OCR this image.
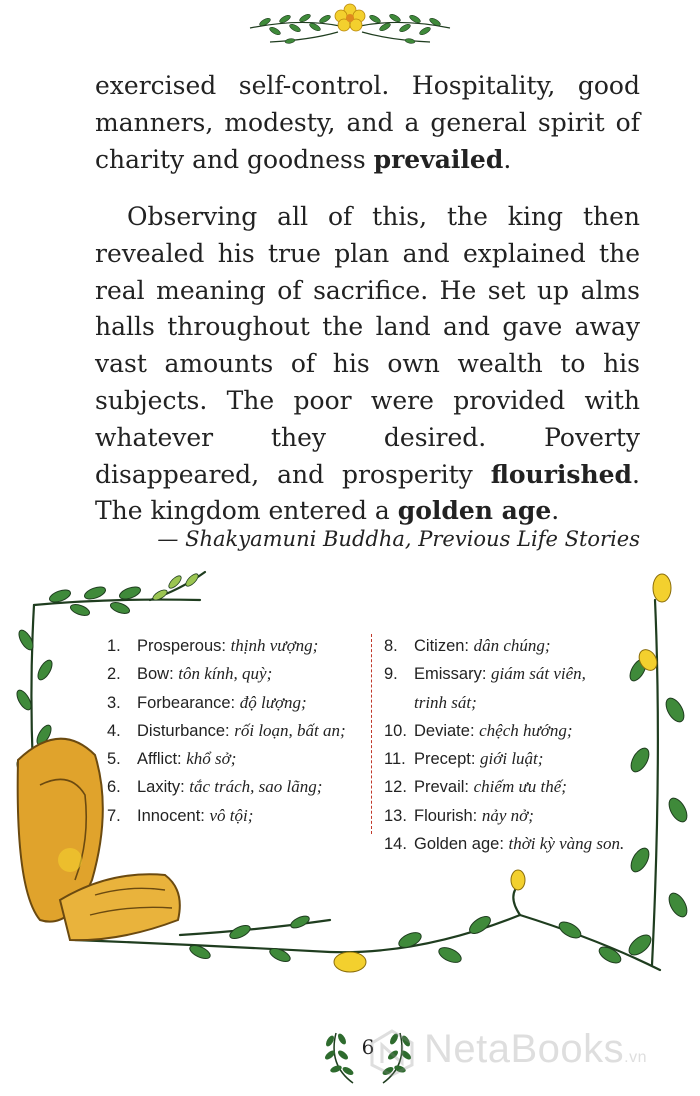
exercised self-control. Hospitality, good manners, modesty, and a general spirit of charity and goodness prevailed.

Observing all of this, the king then revealed his true plan and explained the real meaning of sacrifice. He set up alms halls throughout the land and gave away vast amounts of his own wealth to his subjects. The poor were provided with whatever they desired. Poverty disappeared, and prosperity flourished. The kingdom entered a golden age.

— Shakyamuni Buddha, Previous Life Stories
1. Prosperous: thịnh vượng;
2. Bow: tôn kính, quỳ;
3. Forbearance: độ lượng;
4. Disturbance: rối loạn, bất an;
5. Afflict: khổ sở;
6. Laxity: tắc trách, sao lãng;
7. Innocent: vô tội;
8. Citizen: dân chúng;
9. Emissary: giám sát viên,
trinh sát;
10. Deviate: chệch hướng;
11. Precept: giới luật;
12. Prevail: chiếm ưu thế;
13. Flourish: nảy nở;
14. Golden age: thời kỳ vàng son.
6 NetaBooks.vn
